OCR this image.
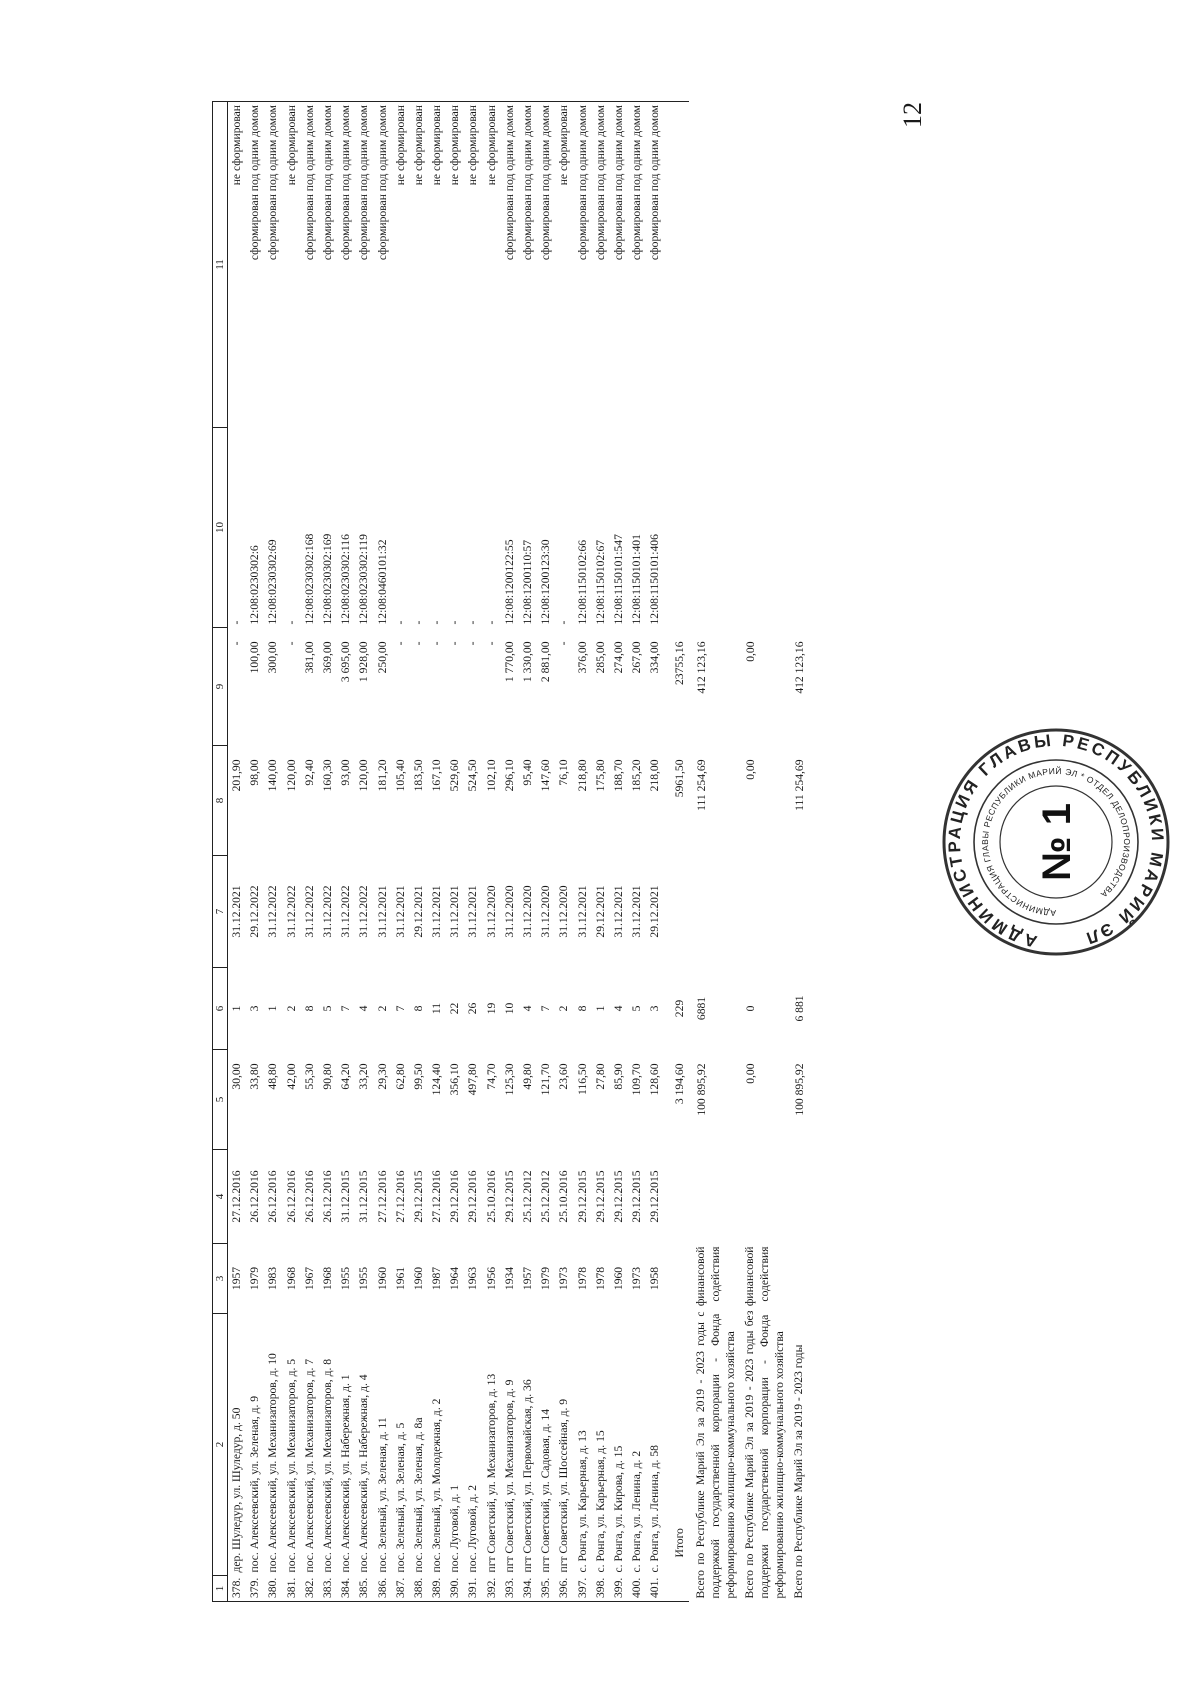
12
1	2	3	4	5	6	7	8	9	10	11
378.	дер. Шуледур, ул. Шуледур, д. 50	1957	27.12.2016	30,00	1	31.12.2021	201,90	-	-	не сформирован
379.	пос. Алексеевский, ул. Зеленая, д. 9	1979	26.12.2016	33,80	3	29.12.2022	98,00	100,00	12:08:0230302:6	сформирован под одним домом
380.	пос. Алексеевский, ул. Механизаторов, д. 10	1983	26.12.2016	48,80	1	31.12.2022	140,00	300,00	12:08:0230302:69	сформирован под одним домом
381.	пос. Алексеевский, ул. Механизаторов, д. 5	1968	26.12.2016	42,00	2	31.12.2022	120,00	-	-	не сформирован
382.	пос. Алексеевский, ул. Механизаторов, д. 7	1967	26.12.2016	55,30	8	31.12.2022	92,40	381,00	12:08:0230302:168	сформирован под одним домом
383.	пос. Алексеевский, ул. Механизаторов, д. 8	1968	26.12.2016	90,80	5	31.12.2022	160,30	369,00	12:08:0230302:169	сформирован под одним домом
384.	пос. Алексеевский, ул. Набережная, д. 1	1955	31.12.2015	64,20	7	31.12.2022	93,00	3 695,00	12:08:0230302:116	сформирован под одним домом
385.	пос. Алексеевский, ул. Набережная, д. 4	1955	31.12.2015	33,20	4	31.12.2022	120,00	1 928,00	12:08:0230302:119	сформирован под одним домом
386.	пос. Зеленый, ул. Зеленая, д. 11	1960	27.12.2016	29,30	2	31.12.2021	181,20	250,00	12:08:0460101:32	сформирован под одним домом
387.	пос. Зеленый, ул. Зеленая, д. 5	1961	27.12.2016	62,80	7	31.12.2021	105,40	-	-	не сформирован
388.	пос. Зеленый, ул. Зеленая, д. 8а	1960	29.12.2015	99,50	8	29.12.2021	183,50	-	-	не сформирован
389.	пос. Зеленый, ул. Молодежная, д. 2	1987	27.12.2016	124,40	11	31.12.2021	167,10	-	-	не сформирован
390.	пос. Луговой, д. 1	1964	29.12.2016	356,10	22	31.12.2021	529,60	-	-	не сформирован
391.	пос. Луговой, д. 2	1963	29.12.2016	497,80	26	31.12.2021	524,50	-	-	не сформирован
392.	пгт Советский, ул. Механизаторов, д. 13	1956	25.10.2016	74,70	19	31.12.2020	102,10	-	-	не сформирован
393.	пгт Советский, ул. Механизаторов, д. 9	1934	29.12.2015	125,30	10	31.12.2020	296,10	1 770,00	12:08:1200122:55	сформирован под одним домом
394.	пгт Советский, ул. Первомайская, д. 36	1957	25.12.2012	49,80	4	31.12.2020	95,40	1 330,00	12:08:1200110:57	сформирован под одним домом
395.	пгт Советский, ул. Садовая, д. 14	1979	25.12.2012	121,70	7	31.12.2020	147,60	2 881,00	12:08:1200123:30	сформирован под одним домом
396.	пгт Советский, ул. Шоссейная, д. 9	1973	25.10.2016	23,60	2	31.12.2020	76,10	-	-	не сформирован
397.	с. Ронга, ул. Карьерная, д. 13	1978	29.12.2015	116,50	8	31.12.2021	218,80	376,00	12:08:1150102:66	сформирован под одним домом
398.	с. Ронга, ул. Карьерная, д. 15	1978	29.12.2015	27,80	1	29.12.2021	175,80	285,00	12:08:1150102:67	сформирован под одним домом
399.	с. Ронга, ул. Кирова, д. 15	1960	29.12.2015	85,90	4	31.12.2021	188,70	274,00	12:08:1150101:547	сформирован под одним домом
400.	с. Ронга, ул. Ленина, д. 2	1973	29.12.2015	109,70	5	31.12.2021	185,20	267,00	12:08:1150101:401	сформирован под одним домом
401.	с. Ронга, ул. Ленина, д. 58	1958	29.12.2015	128,60	3	29.12.2021	218,00	334,00	12:08:1150101:406	сформирован под одним домом
	Итого			3 194,60	229		5961,50	23755,16		
Всего по Республике Марий Эл за 2019 - 2023 годы с финансовой поддержкой государственной корпорации - Фонда содействия реформированию жилищно-коммунального хозяйства				100 895,92	6881		111 254,69	412 123,16		
Всего по Республике Марий Эл за 2019 - 2023 годы без финансовой поддержки государственной корпорации - Фонда содействия реформированию жилищно-коммунального хозяйства				0,00	0		0,00	0,00		
Всего по Республике Марий Эл за 2019 - 2023 годы				100 895,92	6 881		111 254,69	412 123,16		
АДМИНИСТРАЦИЯ ГЛАВЫ РЕСПУБЛИКИ МАРИЙ ЭЛ
АДМИНИСТРАЦИЯ ГЛАВЫ РЕСПУБЛИКИ МАРИЙ ЭЛ * ОТДЕЛ ДЕЛОПРОИЗВОДСТВА
№ 1
